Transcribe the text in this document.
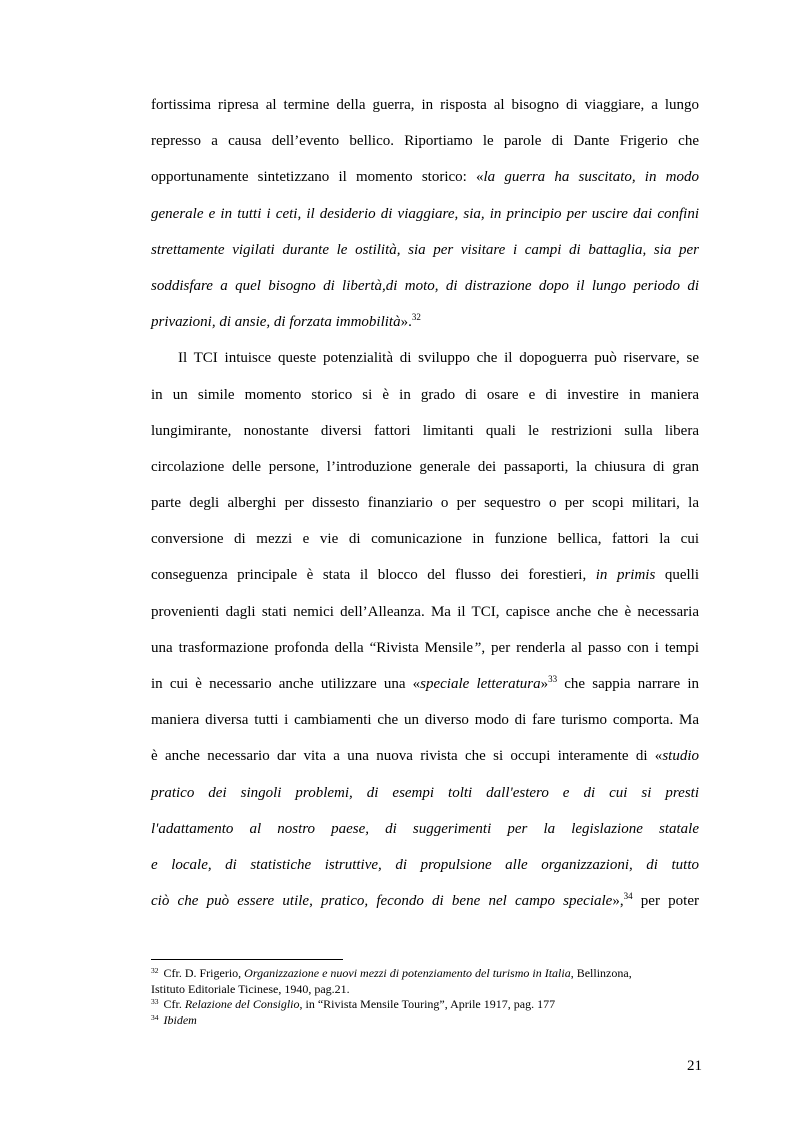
fortissima ripresa al termine della guerra, in risposta al bisogno di viaggiare, a lungo
represso a causa dell’evento bellico. Riportiamo le parole di Dante Frigerio che
opportunamente sintetizzano il momento storico: «la guerra ha suscitato, in modo
generale e in tutti i ceti, il desiderio di viaggiare, sia, in principio per uscire dai confini
strettamente vigilati durante le ostilità, sia per visitare i campi di battaglia, sia per
soddisfare a quel bisogno di libertà,di moto, di distrazione dopo il lungo periodo di
privazioni, di ansie, di forzata immobilità».$^{32}$
Il TCI intuisce queste potenzialità di sviluppo che il dopoguerra può riservare, se
in un simile momento storico si è in grado di osare e di investire in maniera
lungimirante, nonostante diversi fattori limitanti quali le restrizioni sulla libera
circolazione delle persone, l’introduzione generale dei passaporti, la chiusura di gran
parte degli alberghi per dissesto finanziario o per sequestro o per scopi militari, la
conversione di mezzi e vie di comunicazione in funzione bellica, fattori la cui
conseguenza principale è stata il blocco del flusso dei forestieri, in primis quelli
provenienti dagli stati nemici dell’Alleanza. Ma il TCI, capisce anche che è necessaria
una trasformazione profonda della “Rivista Mensile”, per renderla al passo con i tempi
in cui è necessario anche utilizzare una «speciale letteratura»$^{33}$ che sappia narrare in
maniera diversa tutti i cambiamenti che un diverso modo di fare turismo comporta. Ma
è anche necessario dar vita a una nuova rivista che si occupi interamente di «studio
pratico dei singoli problemi, di esempi tolti dall'estero e di cui si presti
l'adattamento al nostro paese, di suggerimenti per la legislazione statale
e locale, di statistiche istruttive, di propulsione alle organizzazioni, di tutto
ciò che può essere utile, pratico, fecondo di bene nel campo speciale»,$^{34}$ per poter
$^{32}$ Cfr. D. Frigerio, Organizzazione e nuovi mezzi di potenziamento del turismo in Italia, Bellinzona,
Istituto Editoriale Ticinese, 1940, pag.21.
$^{33}$ Cfr. Relazione del Consiglio, in “Rivista Mensile Touring”, Aprile 1917, pag. 177
$^{34}$ Ibidem
21
